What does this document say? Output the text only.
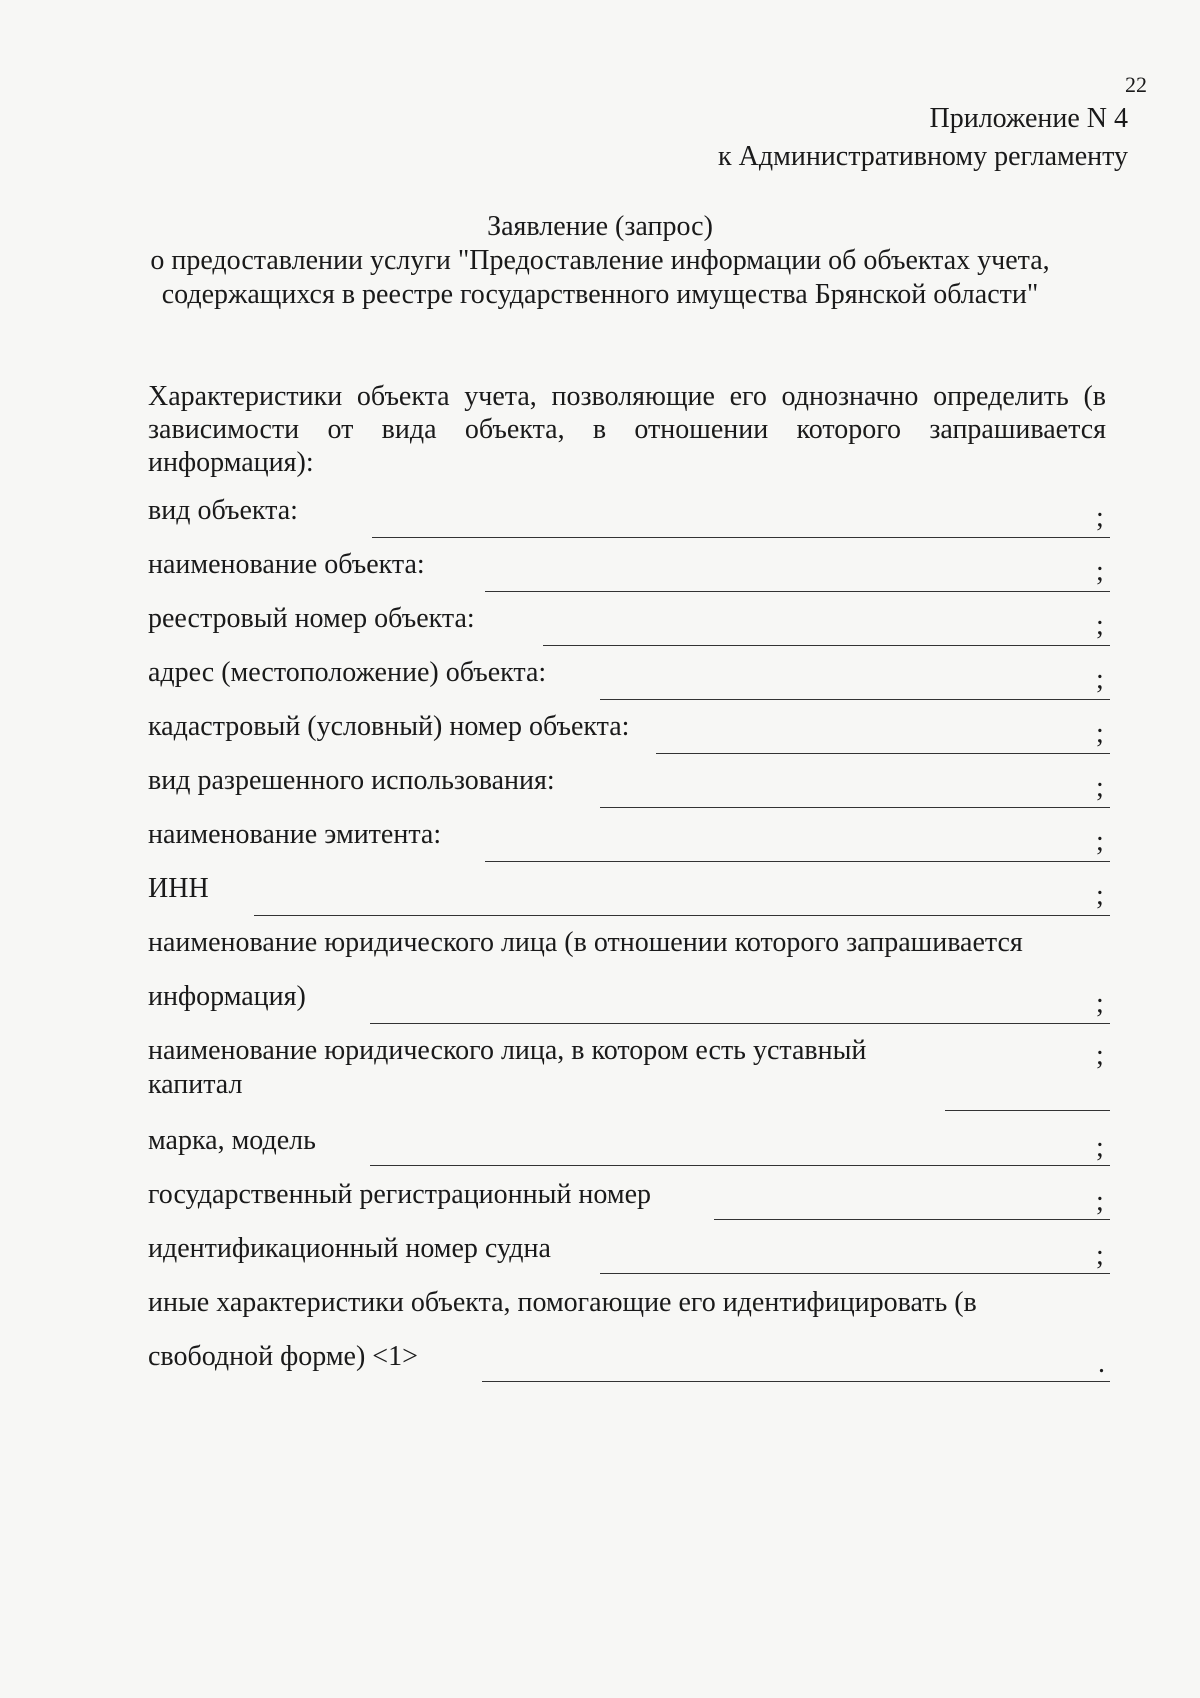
22
Приложение N 4
к Административному регламенту
Заявление (запрос)
о предоставлении услуги "Предоставление информации об объектах учета,
содержащихся в реестре государственного имущества Брянской области"
Характеристики объекта учета, позволяющие его однозначно определить (в
зависимости от вида объекта, в отношении которого запрашивается
информация):
вид объекта:	;
наименование объекта:	;
реестровый номер объекта:	;
адрес (местоположение) объекта:	;
кадастровый (условный) номер объекта:	;
вид разрешенного использования:	;
наименование эмитента:	;
ИНН	;
наименование юридического лица (в отношении которого запрашивается
информация)	;
наименование юридического лица, в котором есть уставный
капитал
;
марка, модель	;
государственный регистрационный номер	;
идентификационный номер судна	;
иные характеристики объекта, помогающие его идентифицировать (в
свободной форме) <1>	.
